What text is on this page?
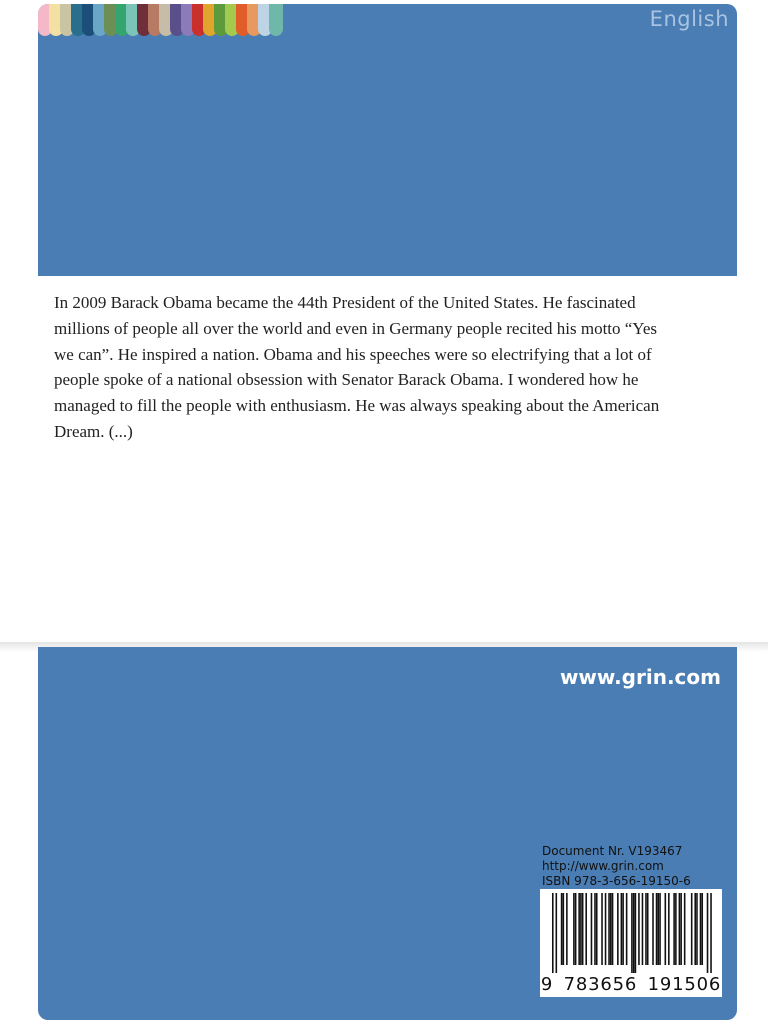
English

In 2009 Barack Obama became the 44th President of the United States. He fascinated millions of people all over the world and even in Germany people recited his motto “Yes we can”. He inspired a nation. Obama and his speeches were so electrifying that a lot of people spoke of a national obsession with Senator Barack Obama. I wondered how he managed to fill the people with enthusiasm. He was always speaking about the American Dream. (...)

www.grin.com
Document Nr. V193467
http://www.grin.com
ISBN 978-3-656-19150-6
9 783656 191506
